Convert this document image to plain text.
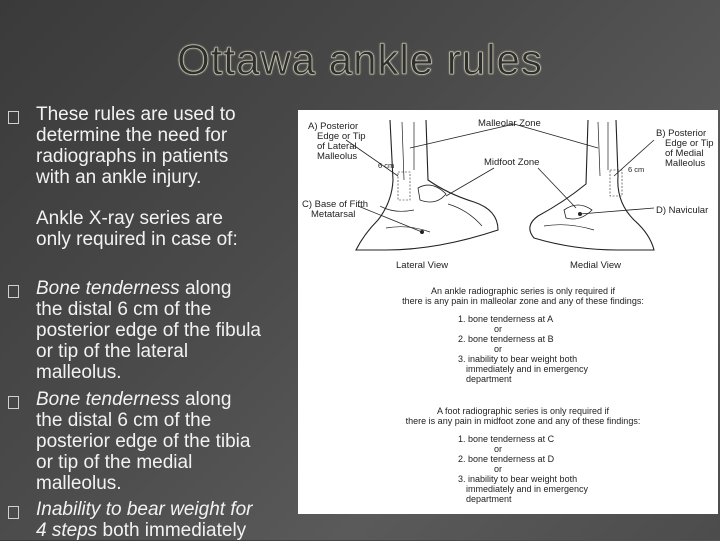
Ottawa ankle rules
These rules are used to
determine the need for
radiographs in patients
with an ankle injury.
Ankle X-ray series are
only required in case of:
Bone tenderness along
the distal 6 cm of the
posterior edge of the fibula
or tip of the lateral
malleolus.
Bone tenderness along
the distal 6 cm of the
posterior edge of the tibia
or tip of the medial
malleolus.
Inability to bear weight for
4 steps both immediately
A) Posterior
Edge or Tip
of Lateral
Malleolus
B) Posterior
Edge or Tip
of Medial
Malleolus
C) Base of Fifth
Metatarsal	D) Navicular
Malleolar Zone
Midfoot Zone
6 cm	6 cm
Lateral View	Medial View
An ankle radiographic series is only required if
there is any pain in malleolar zone and any of these findings:
1. bone tenderness at A
or
2. bone tenderness at B
or
3. inability to bear weight both
immediately and in emergency
department
A foot radiographic series is only required if
there is any pain in midfoot zone and any of these findings:
1. bone tenderness at C
or
2. bone tenderness at D
or
3. inability to bear weight both
immediately and in emergency
department
